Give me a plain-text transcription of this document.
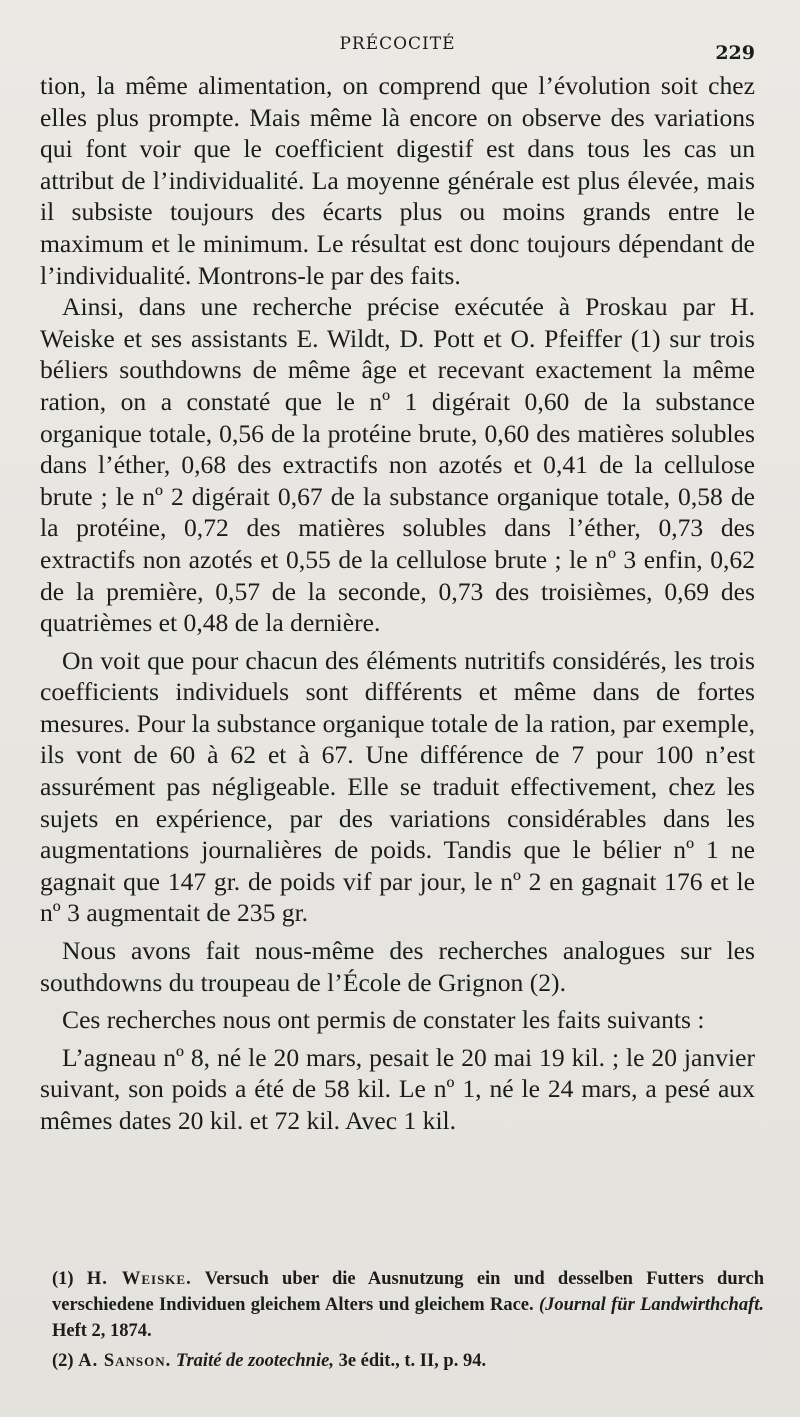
PRÉCOCITÉ	229

tion, la même alimentation, on comprend que l’évolution soit chez elles plus prompte. Mais même là encore on observe des variations qui font voir que le coefficient digestif est dans tous les cas un attribut de l’individualité. La moyenne générale est plus élevée, mais il subsiste toujours des écarts plus ou moins grands entre le maximum et le minimum. Le résultat est donc toujours dépendant de l’individualité. Montrons-le par des faits.

Ainsi, dans une recherche précise exécutée à Proskau par H. Weiske et ses assistants E. Wildt, D. Pott et O. Pfeiffer (1) sur trois béliers southdowns de même âge et recevant exactement la même ration, on a constaté que le nº 1 digérait 0,60 de la substance organique totale, 0,56 de la protéine brute, 0,60 des matières solubles dans l’éther, 0,68 des extractifs non azotés et 0,41 de la cellulose brute ; le nº 2 digérait 0,67 de la substance organique totale, 0,58 de la protéine, 0,72 des matières solubles dans l’éther, 0,73 des extractifs non azotés et 0,55 de la cellulose brute ; le nº 3 enfin, 0,62 de la première, 0,57 de la seconde, 0,73 des troisièmes, 0,69 des quatrièmes et 0,48 de la dernière.

On voit que pour chacun des éléments nutritifs considérés, les trois coefficients individuels sont différents et même dans de fortes mesures. Pour la substance organique totale de la ration, par exemple, ils vont de 60 à 62 et à 67. Une différence de 7 pour 100 n’est assurément pas négligeable. Elle se traduit effectivement, chez les sujets en expérience, par des variations considérables dans les augmentations journalières de poids. Tandis que le bélier nº 1 ne gagnait que 147 gr. de poids vif par jour, le nº 2 en gagnait 176 et le nº 3 augmentait de 235 gr.

Nous avons fait nous-même des recherches analogues sur les southdowns du troupeau de l’École de Grignon (2).

Ces recherches nous ont permis de constater les faits suivants :

L’agneau nº 8, né le 20 mars, pesait le 20 mai 19 kil. ; le 20 janvier suivant, son poids a été de 58 kil. Le nº 1, né le 24 mars, a pesé aux mêmes dates 20 kil. et 72 kil. Avec 1 kil.

(1) H. Weiske. Versuch uber die Ausnutzung ein und desselben Futters durch verschiedene Individuen gleichem Alters und gleichem Race. (Journal für Landwirthchaft. Heft 2, 1874.

(2) A. Sanson. Traité de zootechnie, 3e édit., t. II, p. 94.
